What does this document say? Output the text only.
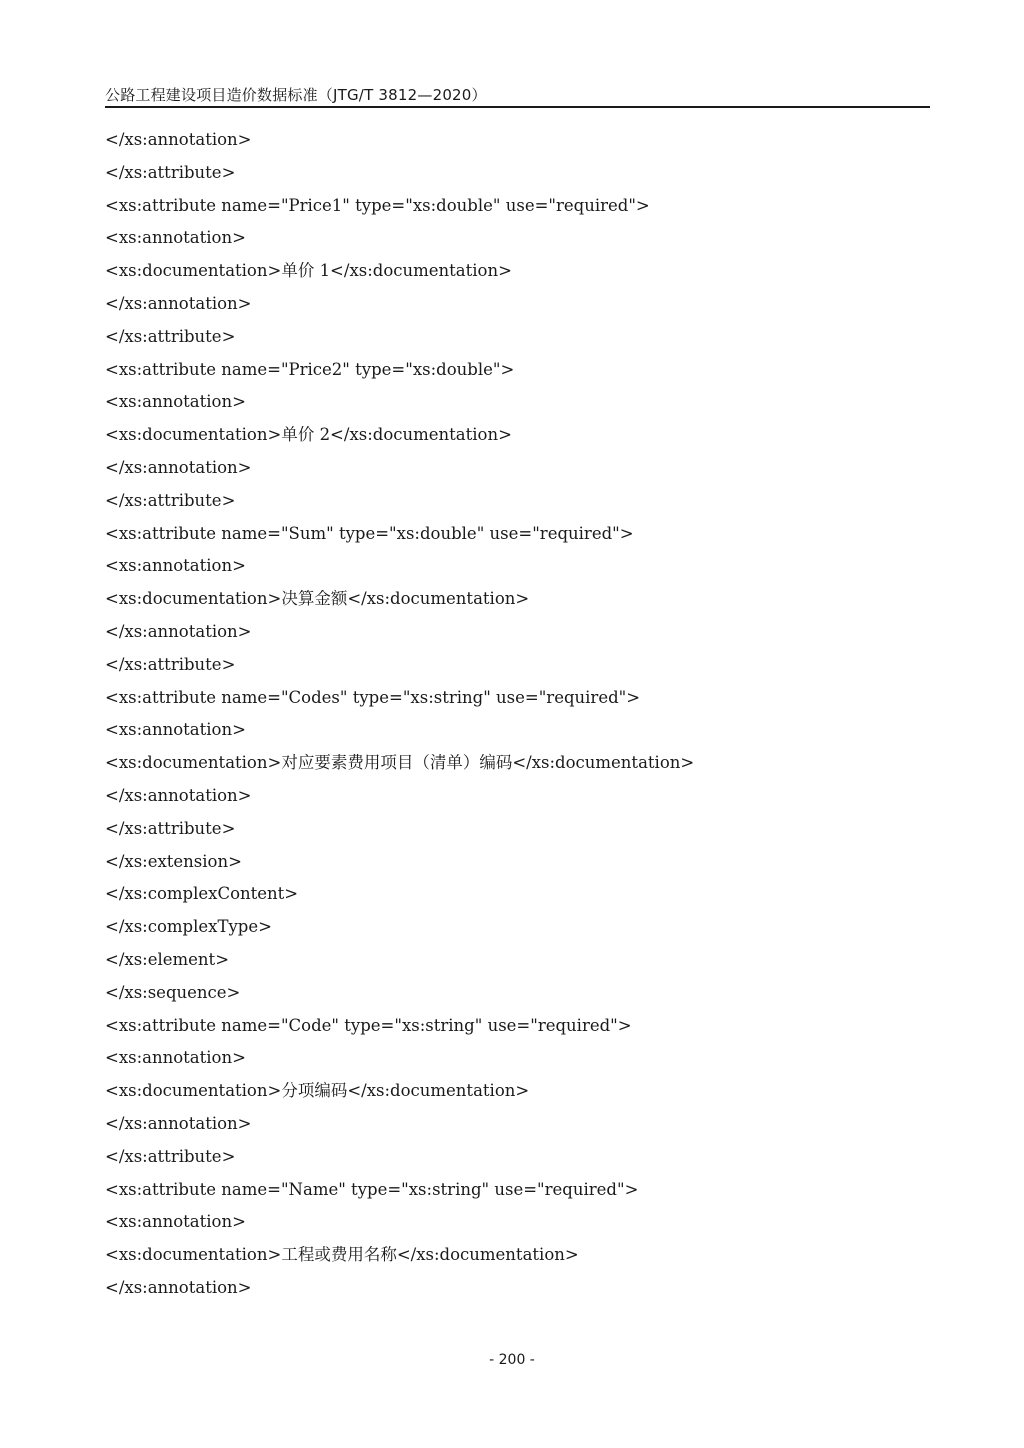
公路工程建设项目造价数据标准（JTG/T 3812—2020）
</xs:annotation>
</xs:attribute>
<xs:attribute name="Price1" type="xs:double" use="required">
<xs:annotation>
<xs:documentation>单价 1</xs:documentation>
</xs:annotation>
</xs:attribute>
<xs:attribute name="Price2" type="xs:double">
<xs:annotation>
<xs:documentation>单价 2</xs:documentation>
</xs:annotation>
</xs:attribute>
<xs:attribute name="Sum" type="xs:double" use="required">
<xs:annotation>
<xs:documentation>决算金额</xs:documentation>
</xs:annotation>
</xs:attribute>
<xs:attribute name="Codes" type="xs:string" use="required">
<xs:annotation>
<xs:documentation>对应要素费用项目（清单）编码</xs:documentation>
</xs:annotation>
</xs:attribute>
</xs:extension>
</xs:complexContent>
</xs:complexType>
</xs:element>
</xs:sequence>
<xs:attribute name="Code" type="xs:string" use="required">
<xs:annotation>
<xs:documentation>分项编码</xs:documentation>
</xs:annotation>
</xs:attribute>
<xs:attribute name="Name" type="xs:string" use="required">
<xs:annotation>
<xs:documentation>工程或费用名称</xs:documentation>
</xs:annotation>
- 200 -
